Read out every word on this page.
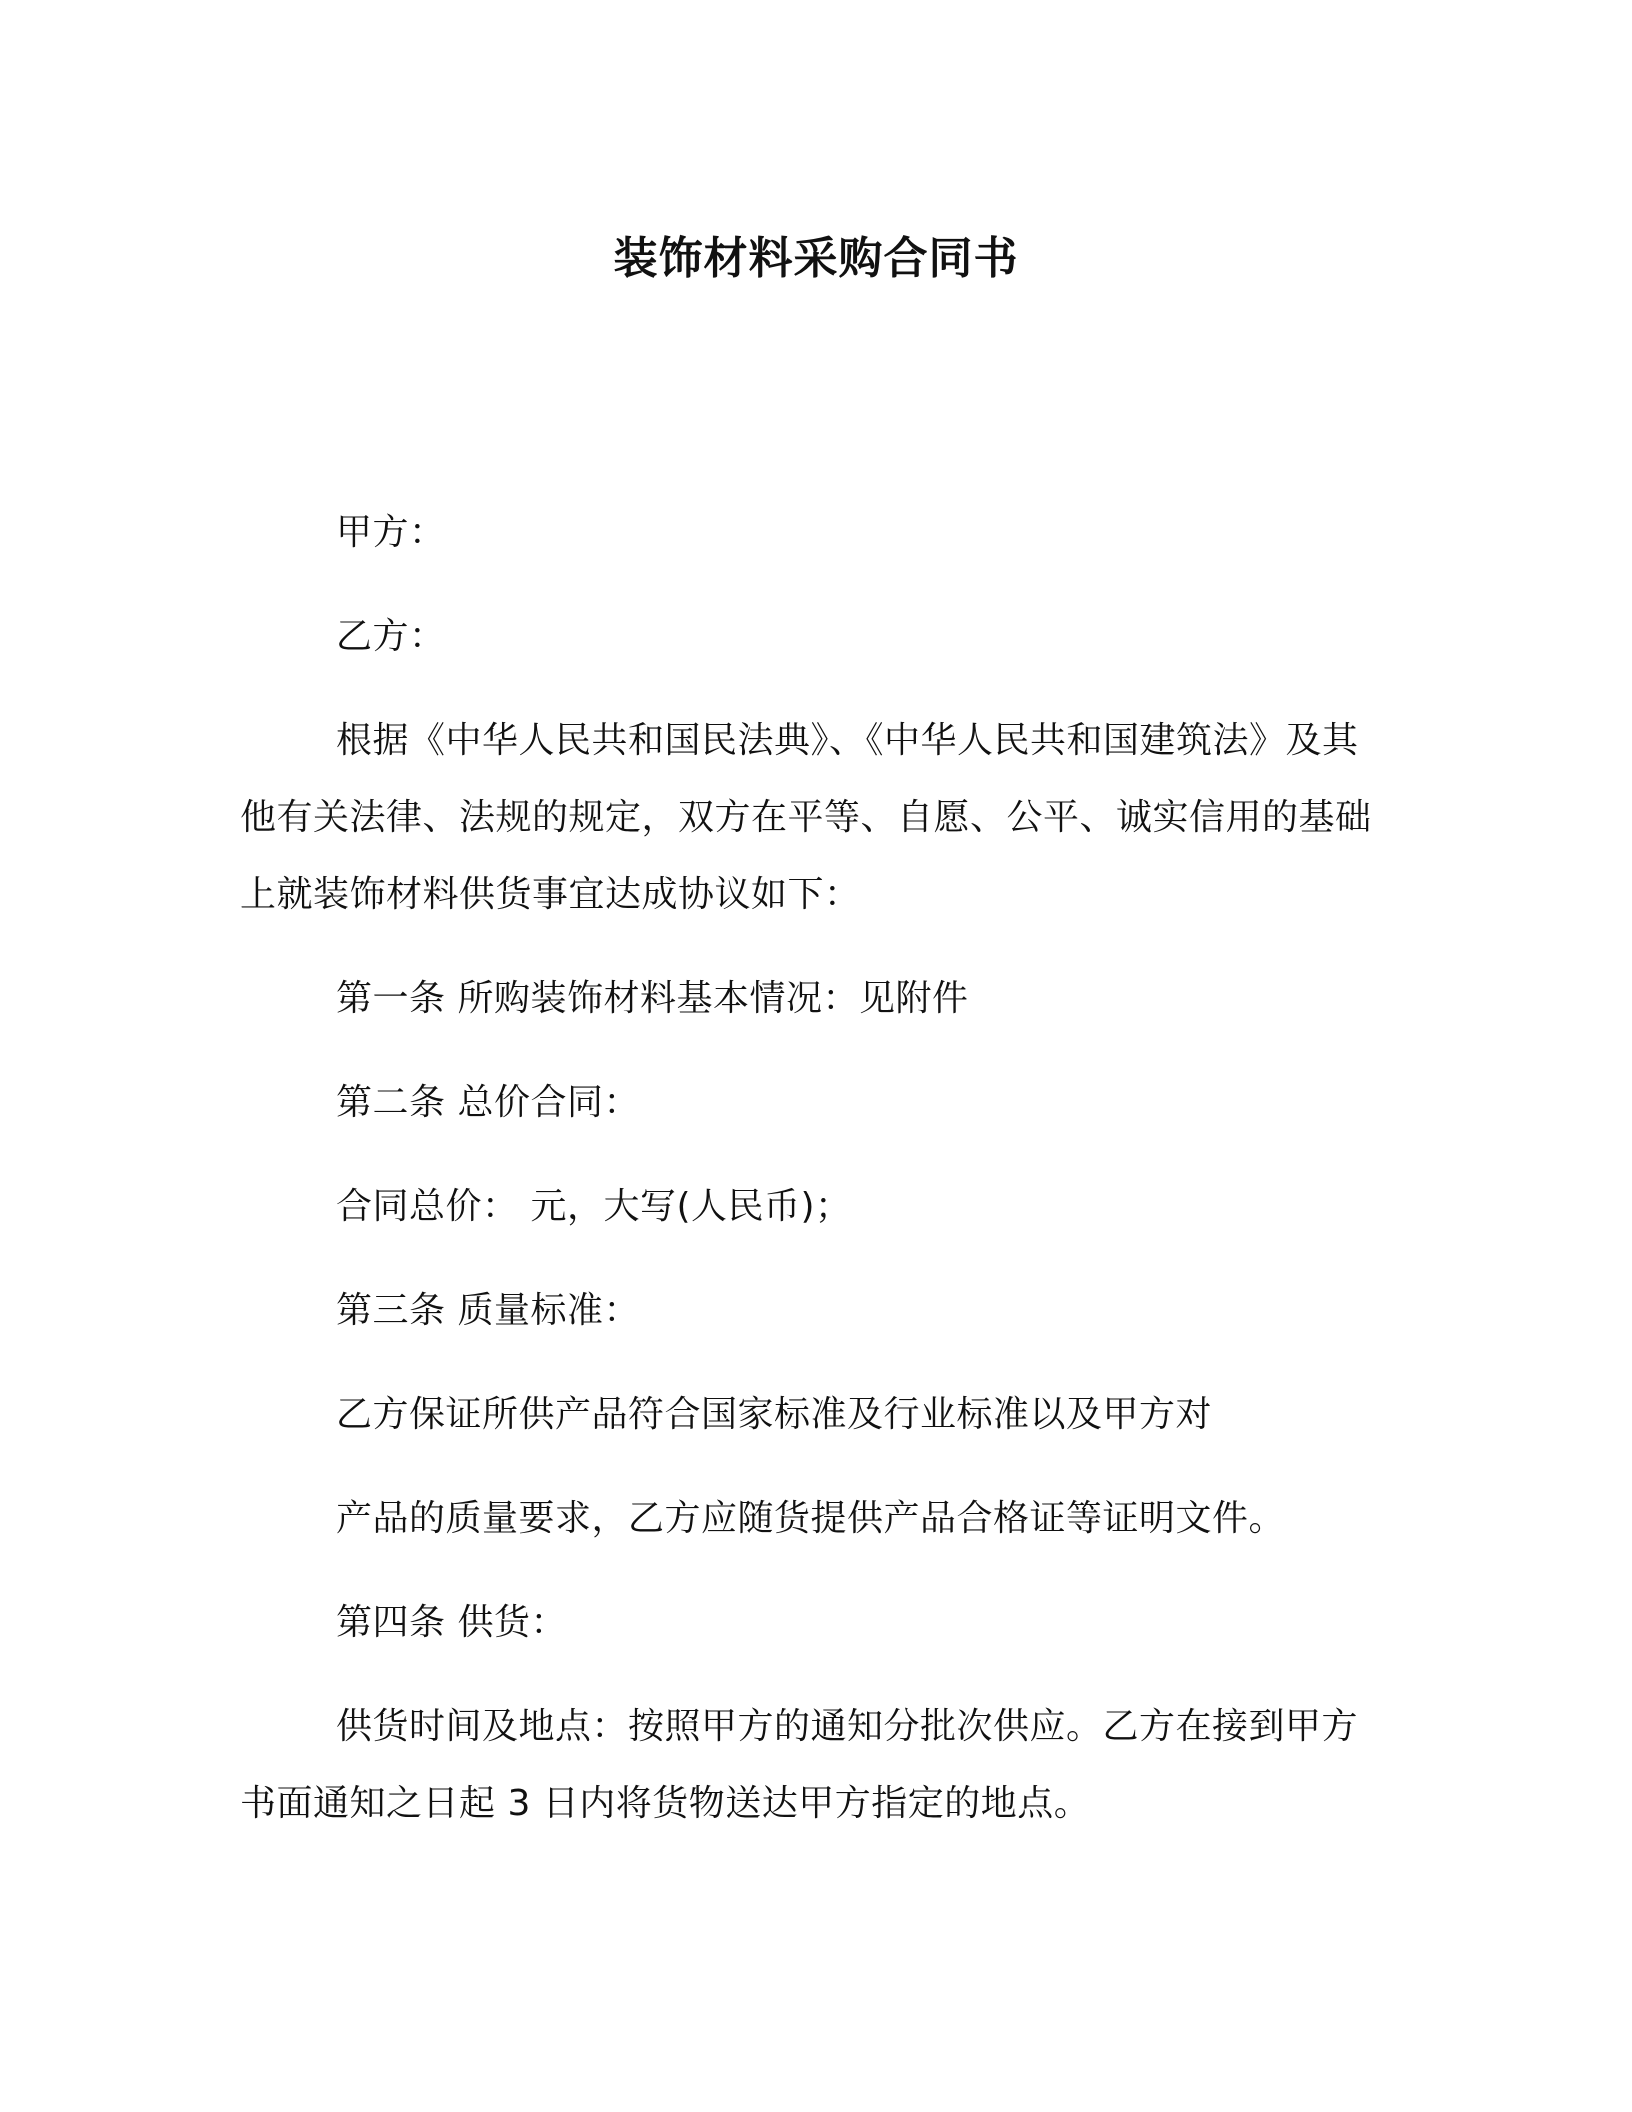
装饰材料采购合同书

甲方：

乙方：

根据《中华人民共和国民法典》、《中华人民共和国建筑法》及其他有关法律、法规的规定，双方在平等、自愿、公平、诚实信用的基础上就装饰材料供货事宜达成协议如下：

第一条 所购装饰材料基本情况：见附件

第二条 总价合同：

合同总价： 元，大写(人民币)；

第三条 质量标准：

乙方保证所供产品符合国家标准及行业标准以及甲方对

产品的质量要求，乙方应随货提供产品合格证等证明文件。

第四条 供货：

供货时间及地点：按照甲方的通知分批次供应。乙方在接到甲方书面通知之日起 3 日内将货物送达甲方指定的地点。
